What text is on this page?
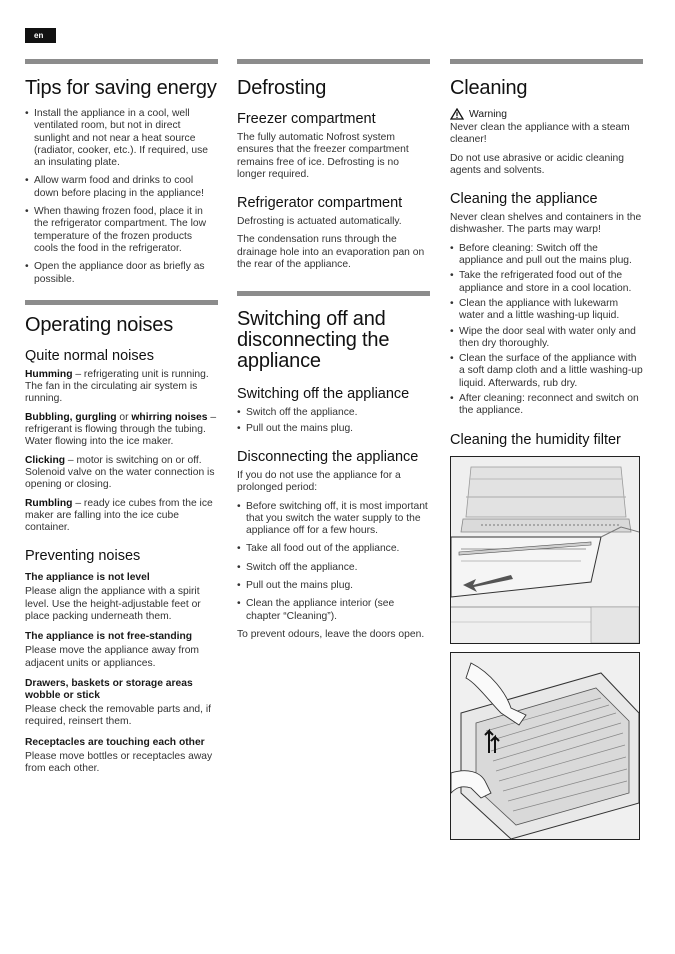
en
Tips for saving energy
• Install the appliance in a cool, well ventilated room, but not in direct sunlight and not near a heat source (radiator, cooker, etc.). If required, use an insulating plate.
• Allow warm food and drinks to cool down before placing in the appliance!
• When thawing frozen food, place it in the refrigerator compartment. The low temperature of the frozen products cools the food in the refrigerator.
• Open the appliance door as briefly as possible.
Operating noises
Quite normal noises

Humming – refrigerating unit is running. The fan in the circulating air system is running.

Bubbling, gurgling or whirring noises – refrigerant is flowing through the tubing. Water flowing into the ice maker.

Clicking – motor is switching on or off. Solenoid valve on the water connection is opening or closing.

Rumbling – ready ice cubes from the ice maker are falling into the ice cube container.

Preventing noises
The appliance is not level

Please align the appliance with a spirit level. Use the height-adjustable feet or place packing underneath them.

The appliance is not free-standing

Please move the appliance away from adjacent units or appliances.

Drawers, baskets or storage areas wobble or stick

Please check the removable parts and, if required, reinsert them.

Receptacles are touching each other

Please move bottles or receptacles away from each other.

Defrosting
Freezer compartment

The fully automatic Nofrost system ensures that the freezer compartment remains free of ice. Defrosting is no longer required.

Refrigerator compartment

Defrosting is actuated automatically.

The condensation runs through the drainage hole into an evaporation pan on the rear of the appliance.

Switching off and disconnecting the appliance
Switching off the appliance
• Switch off the appliance.
• Pull out the mains plug.
Disconnecting the appliance

If you do not use the appliance for a prolonged period:

• Before switching off, it is most important that you switch the water supply to the appliance off for a few hours.
• Take all food out of the appliance.
• Switch off the appliance.
• Pull out the mains plug.
• Clean the appliance interior (see chapter “Cleaning”).

To prevent odours, leave the doors open.

Cleaning
Warning

Never clean the appliance with a steam cleaner!

Do not use abrasive or acidic cleaning agents and solvents.

Cleaning the appliance

Never clean shelves and containers in the dishwasher. The parts may warp!

• Before cleaning: Switch off the appliance and pull out the mains plug.
• Take the refrigerated food out of the appliance and store in a cool location.
• Clean the appliance with lukewarm water and a little washing-up liquid.
• Wipe the door seal with water only and then dry thoroughly.
• Clean the surface of the appliance with a soft damp cloth and a little washing-up liquid. Afterwards, rub dry.
• After cleaning: reconnect and switch on the appliance.
Cleaning the humidity filter
